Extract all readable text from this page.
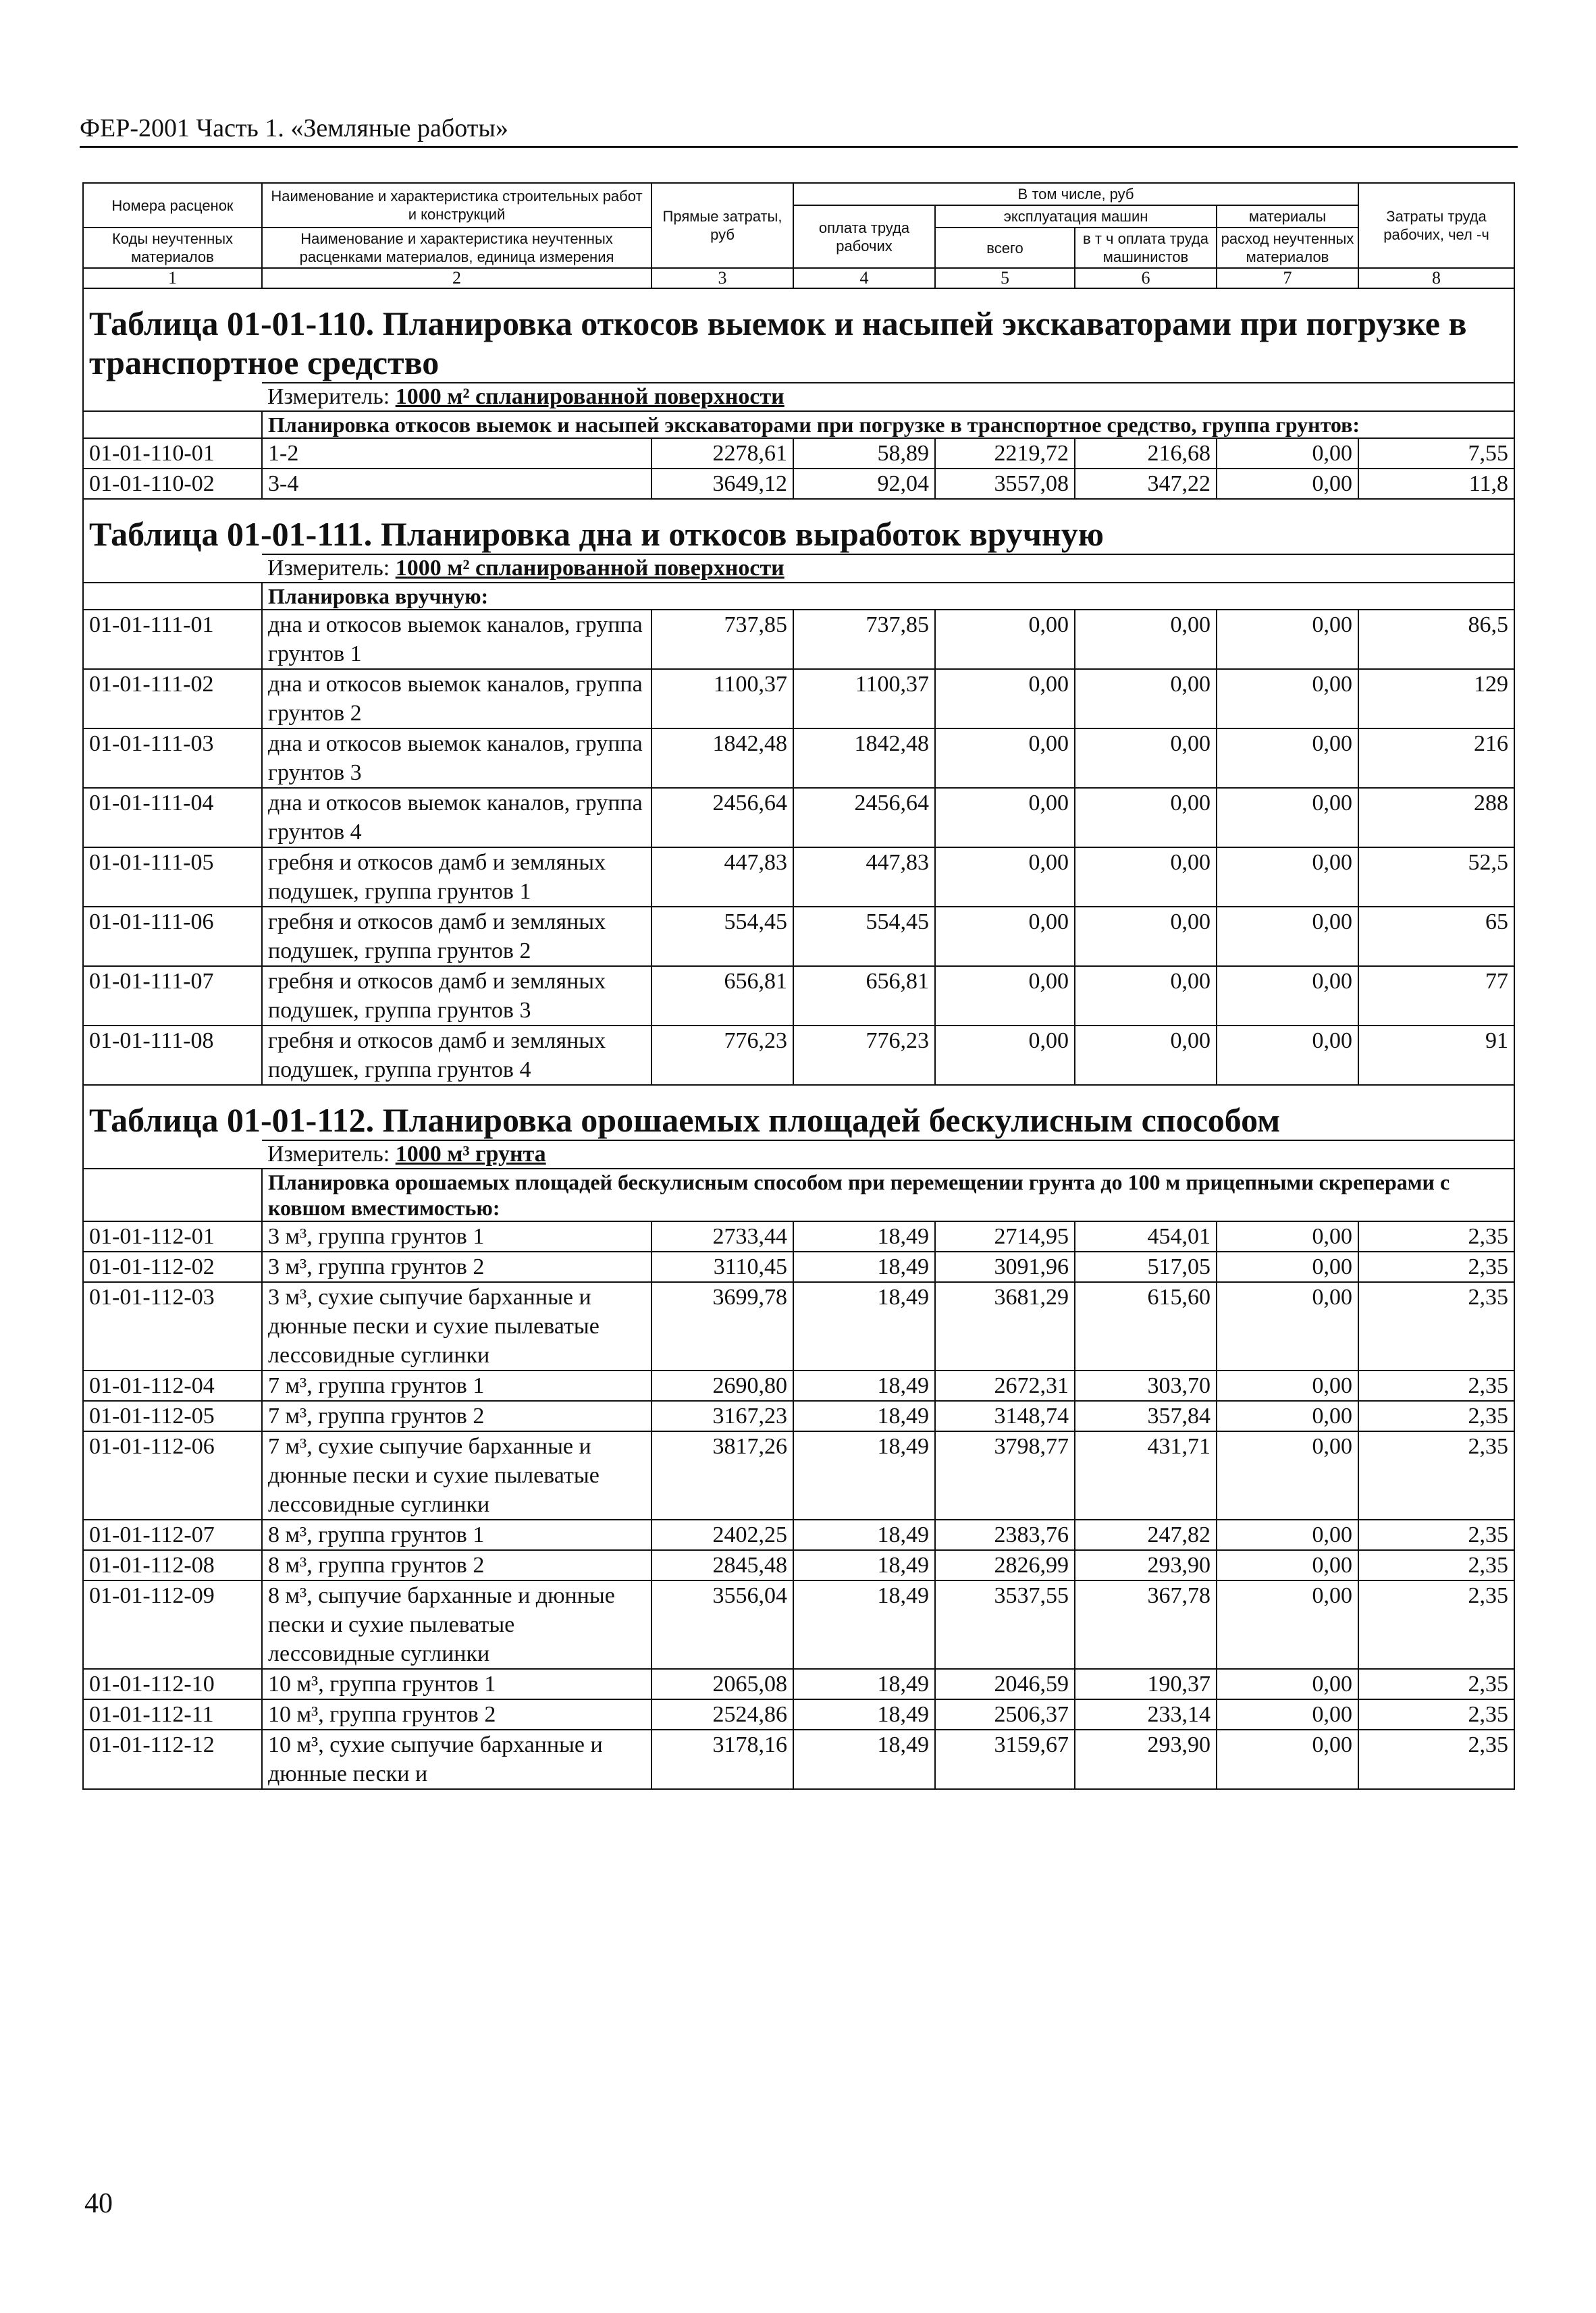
ФЕР-2001 Часть 1. «Земляные работы»
Номера расценок	Наименование и характеристика строительных работ и конструкций	Прямые затраты, руб	В том числе, руб				Затраты труда рабочих, чел -ч
			оплата труда рабочих	эксплуатация машин		материалы	
Коды неучтенных материалов	Наименование и характеристика неучтенных расценками материалов, единица измерения			всего	в т ч оплата труда машинистов	расход неучтенных материалов	

1	2	3	4	5	6	7	8
Таблица 01-01-110. Планировка откосов выемок и насыпей экскаваторами при погрузке в транспортное средство							
	Измеритель: 1000 м² спланированной поверхности						
	Планировка откосов выемок и насыпей экскаваторами при погрузке в транспортное средство, группа грунтов:						
01-01-110-01	1-2	2278,61	58,89	2219,72	216,68	0,00	7,55
01-01-110-02	3-4	3649,12	92,04	3557,08	347,22	0,00	11,8
Таблица 01-01-111. Планировка дна и откосов выработок вручную							
	Измеритель: 1000 м² спланированной поверхности						
	Планировка вручную:						
01-01-111-01	дна и откосов выемок каналов, группа грунтов 1	737,85	737,85	0,00	0,00	0,00	86,5
01-01-111-02	дна и откосов выемок каналов, группа грунтов 2	1100,37	1100,37	0,00	0,00	0,00	129
01-01-111-03	дна и откосов выемок каналов, группа грунтов 3	1842,48	1842,48	0,00	0,00	0,00	216
01-01-111-04	дна и откосов выемок каналов, группа грунтов 4	2456,64	2456,64	0,00	0,00	0,00	288
01-01-111-05	гребня и откосов дамб и земляных подушек, группа грунтов 1	447,83	447,83	0,00	0,00	0,00	52,5
01-01-111-06	гребня и откосов дамб и земляных подушек, группа грунтов 2	554,45	554,45	0,00	0,00	0,00	65
01-01-111-07	гребня и откосов дамб и земляных подушек, группа грунтов 3	656,81	656,81	0,00	0,00	0,00	77
01-01-111-08	гребня и откосов дамб и земляных подушек, группа грунтов 4	776,23	776,23	0,00	0,00	0,00	91
Таблица 01-01-112. Планировка орошаемых площадей бескулисным способом							
	Измеритель: 1000 м³ грунта						
	Планировка орошаемых площадей бескулисным способом при перемещении грунта до 100 м прицепными скреперами с ковшом вместимостью:						
01-01-112-01	3 м³, группа грунтов 1	2733,44	18,49	2714,95	454,01	0,00	2,35
01-01-112-02	3 м³, группа грунтов 2	3110,45	18,49	3091,96	517,05	0,00	2,35
01-01-112-03	3 м³, сухие сыпучие барханные и дюнные пески и сухие пылеватые лессовидные суглинки	3699,78	18,49	3681,29	615,60	0,00	2,35
01-01-112-04	7 м³, группа грунтов 1	2690,80	18,49	2672,31	303,70	0,00	2,35
01-01-112-05	7 м³, группа грунтов 2	3167,23	18,49	3148,74	357,84	0,00	2,35
01-01-112-06	7 м³, сухие сыпучие барханные и дюнные пески и сухие пылеватые лессовидные суглинки	3817,26	18,49	3798,77	431,71	0,00	2,35
01-01-112-07	8 м³, группа грунтов 1	2402,25	18,49	2383,76	247,82	0,00	2,35
01-01-112-08	8 м³, группа грунтов 2	2845,48	18,49	2826,99	293,90	0,00	2,35
01-01-112-09	8 м³, сыпучие барханные и дюнные пески и сухие пылеватые лессовидные суглинки	3556,04	18,49	3537,55	367,78	0,00	2,35
01-01-112-10	10 м³, группа грунтов 1	2065,08	18,49	2046,59	190,37	0,00	2,35
01-01-112-11	10 м³, группа грунтов 2	2524,86	18,49	2506,37	233,14	0,00	2,35
01-01-112-12	10 м³, сухие сыпучие барханные и дюнные пески и	3178,16	18,49	3159,67	293,90	0,00	2,35
40
